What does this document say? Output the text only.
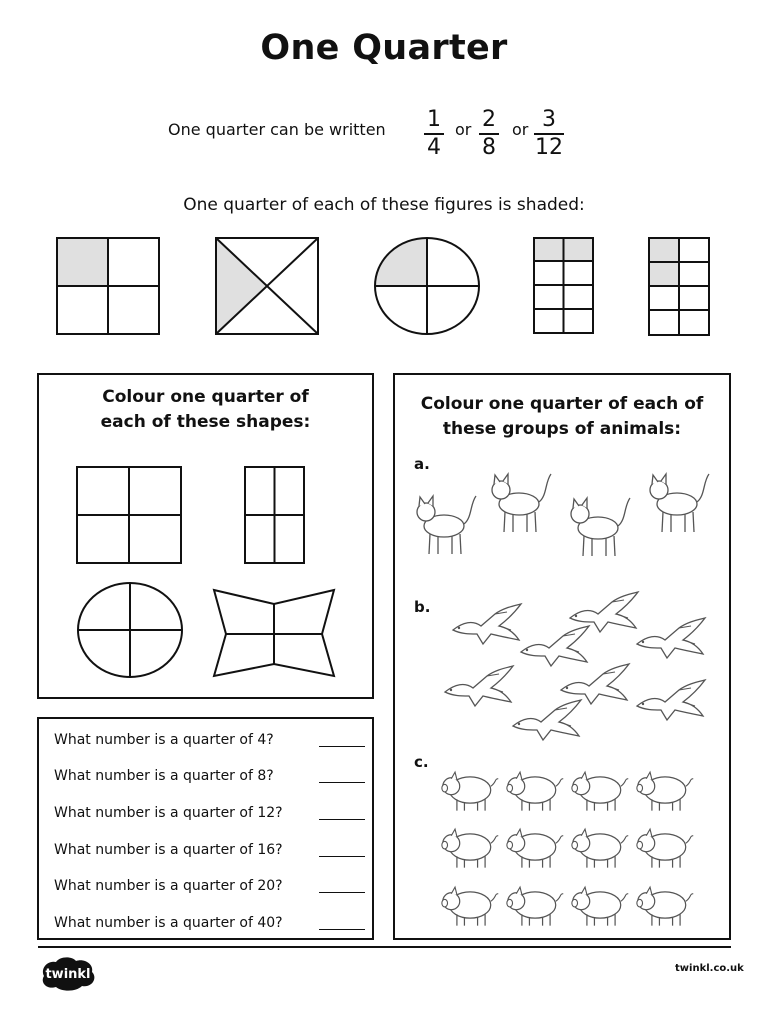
One Quarter
One quarter can be written 1
4
or 2
8
or 3
12
One quarter of each of these figures is shaded:
Colour one quarter of
each of these shapes:
What number is a quarter of 4?
What number is a quarter of 8?
What number is a quarter of 12?
What number is a quarter of 16?
What number is a quarter of 20?
What number is a quarter of 40?
Colour one quarter of each of
these groups of animals:
a.
b.
c.
twinkl	twinkl.co.uk
